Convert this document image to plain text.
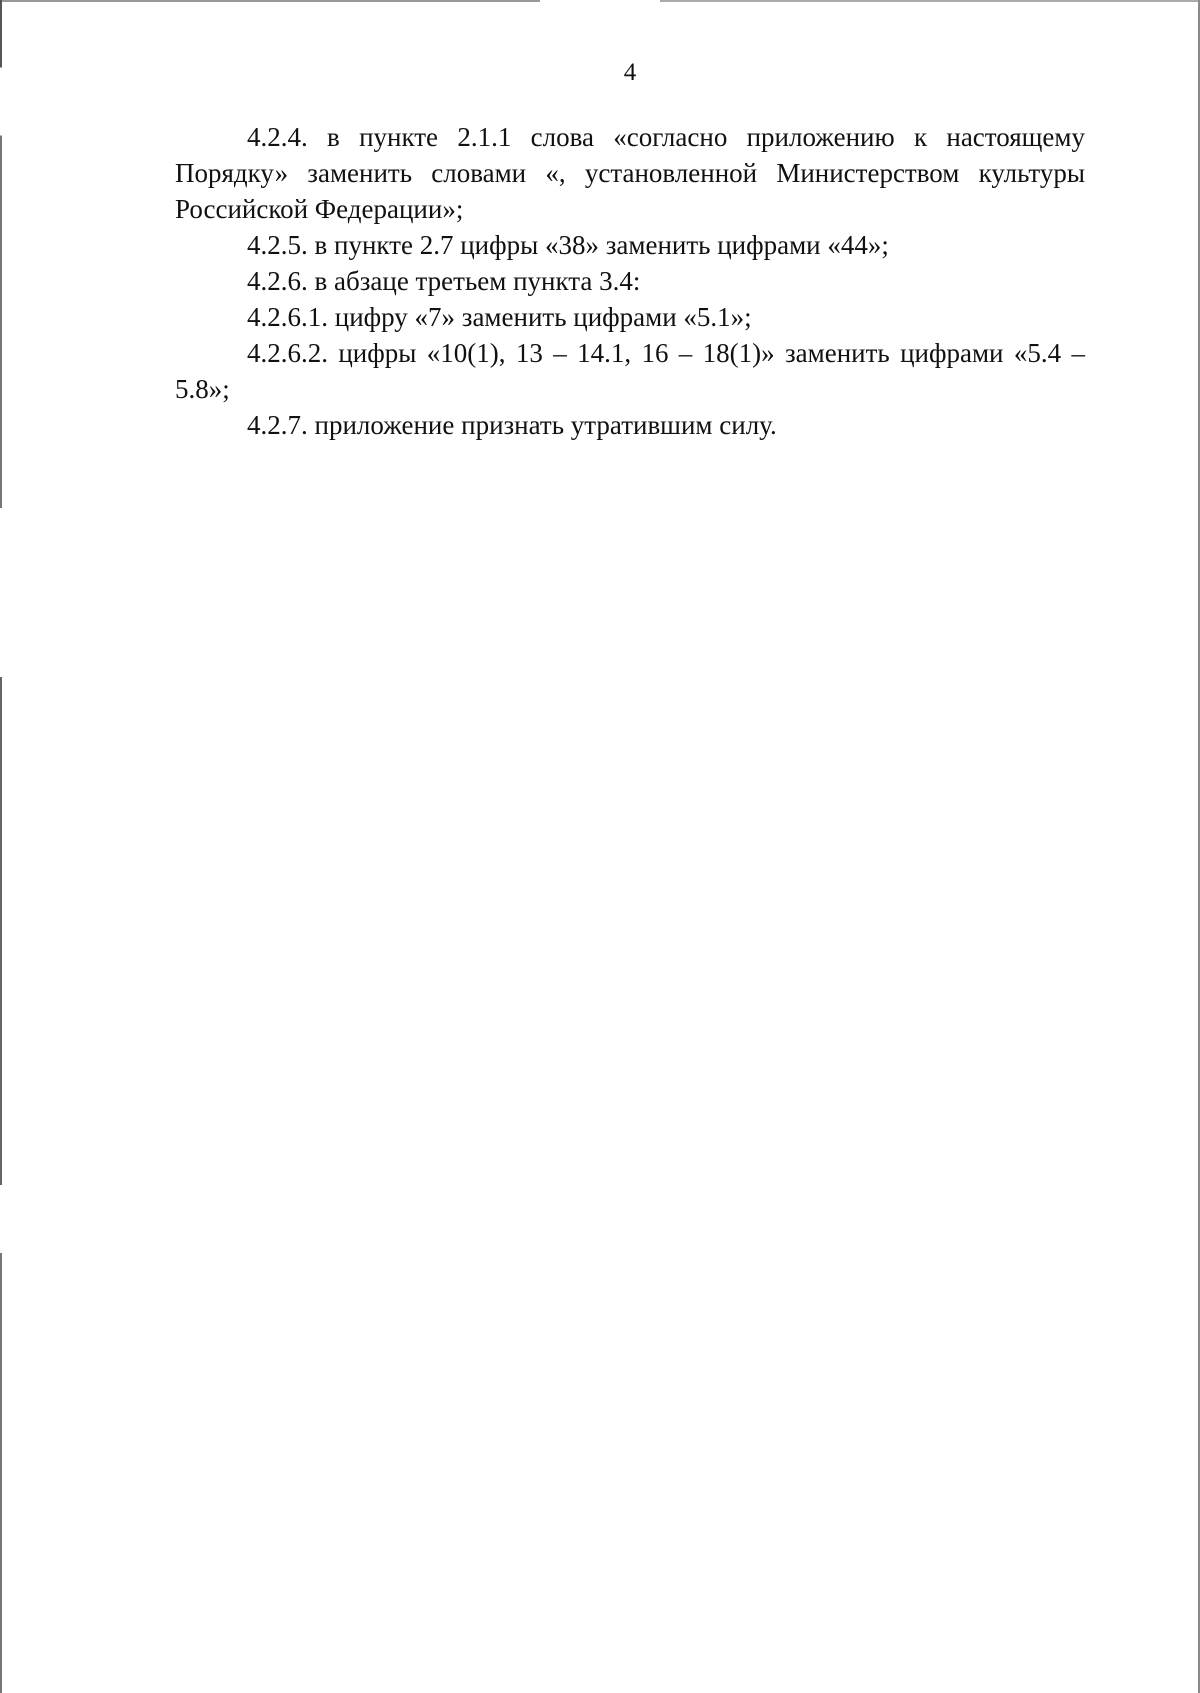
4

4.2.4. в пункте 2.1.1 слова «согласно приложению к настоящему Порядку» заменить словами «, установленной Министерством культуры Российской Федерации»;

4.2.5. в пункте 2.7 цифры «38» заменить цифрами «44»;

4.2.6. в абзаце третьем пункта 3.4:

4.2.6.1. цифру «7» заменить цифрами «5.1»;

4.2.6.2. цифры «10(1), 13 – 14.1, 16 – 18(1)» заменить цифрами «5.4 – 5.8»;

4.2.7. приложение признать утратившим силу.
